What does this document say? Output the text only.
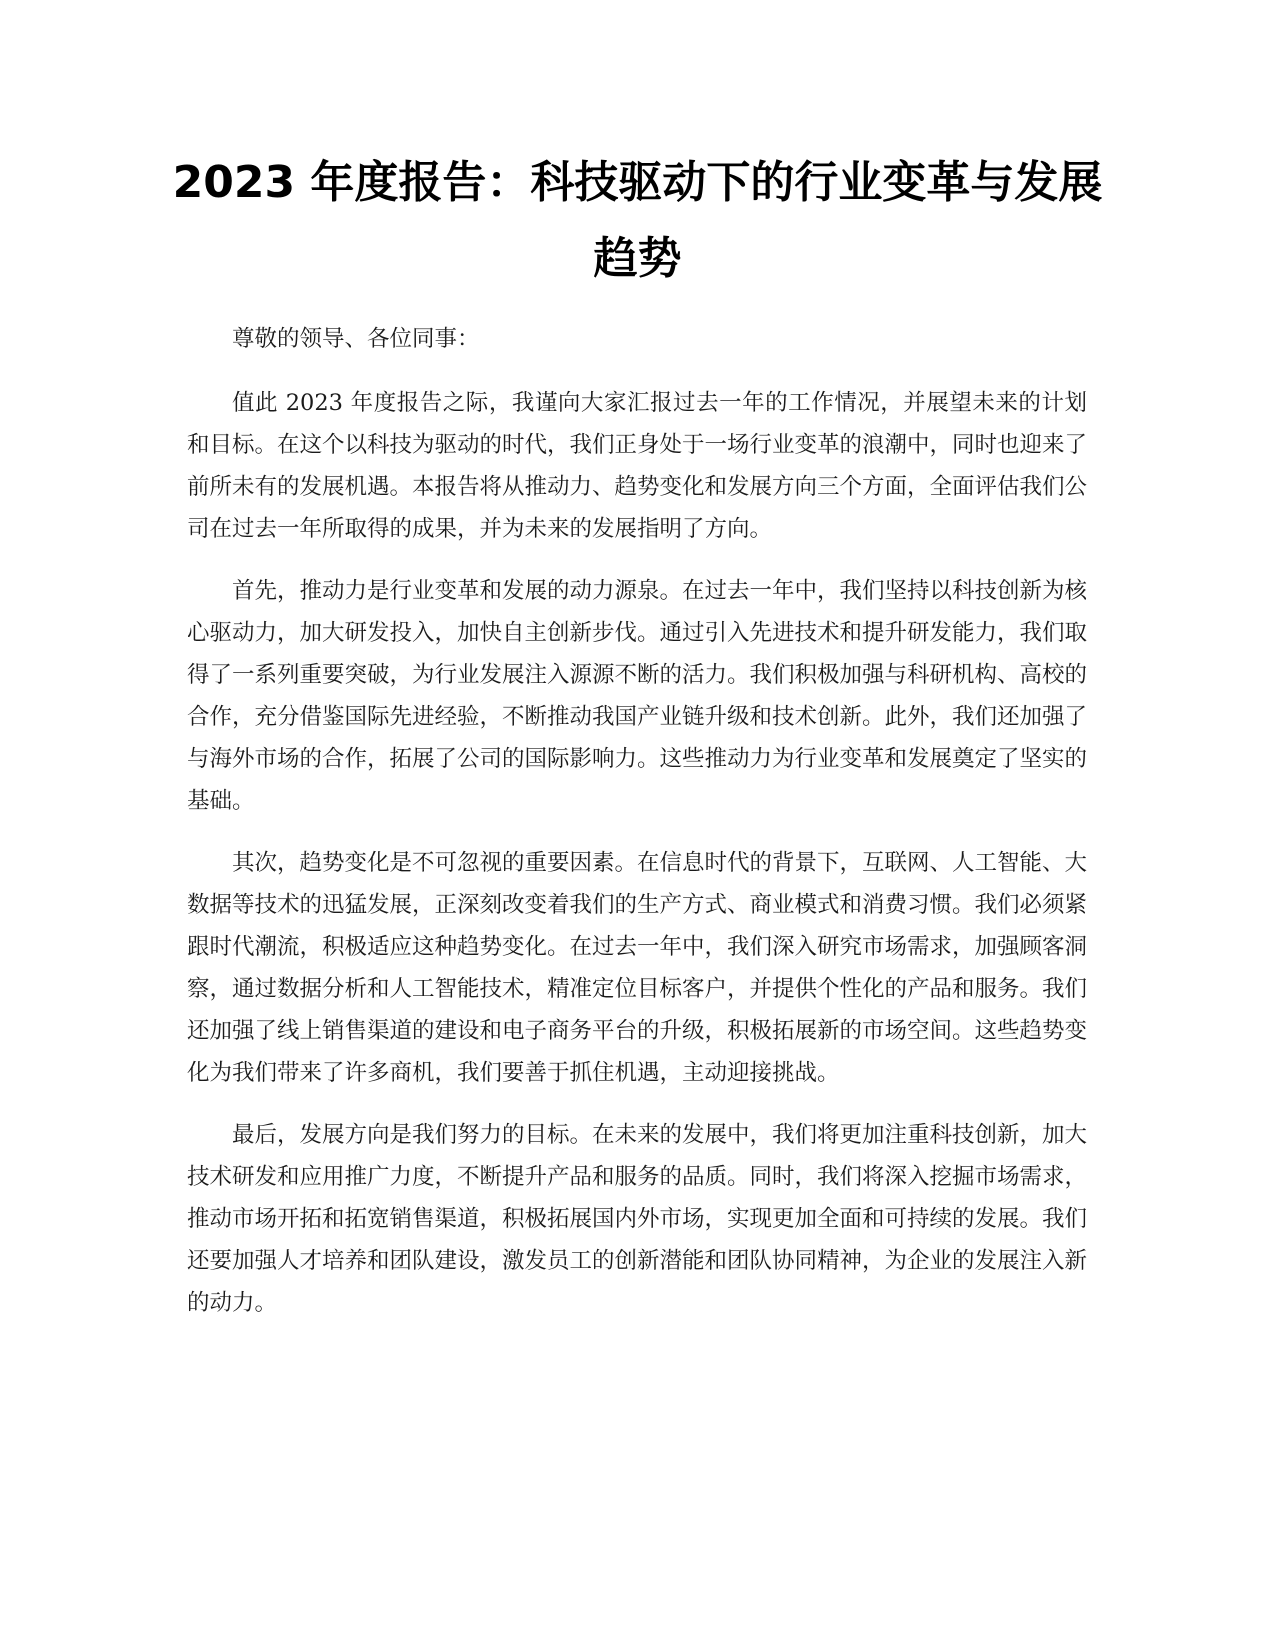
2023 年度报告：科技驱动下的行业变革与发展趋势

尊敬的领导、各位同事：

值此 2023 年度报告之际，我谨向大家汇报过去一年的工作情况，并展望未来的计划和目标。在这个以科技为驱动的时代，我们正身处于一场行业变革的浪潮中，同时也迎来了前所未有的发展机遇。本报告将从推动力、趋势变化和发展方向三个方面，全面评估我们公司在过去一年所取得的成果，并为未来的发展指明了方向。

首先，推动力是行业变革和发展的动力源泉。在过去一年中，我们坚持以科技创新为核心驱动力，加大研发投入，加快自主创新步伐。通过引入先进技术和提升研发能力，我们取得了一系列重要突破，为行业发展注入源源不断的活力。我们积极加强与科研机构、高校的合作，充分借鉴国际先进经验，不断推动我国产业链升级和技术创新。此外，我们还加强了与海外市场的合作，拓展了公司的国际影响力。这些推动力为行业变革和发展奠定了坚实的基础。

其次，趋势变化是不可忽视的重要因素。在信息时代的背景下，互联网、人工智能、大数据等技术的迅猛发展，正深刻改变着我们的生产方式、商业模式和消费习惯。我们必须紧跟时代潮流，积极适应这种趋势变化。在过去一年中，我们深入研究市场需求，加强顾客洞察，通过数据分析和人工智能技术，精准定位目标客户，并提供个性化的产品和服务。我们还加强了线上销售渠道的建设和电子商务平台的升级，积极拓展新的市场空间。这些趋势变化为我们带来了许多商机，我们要善于抓住机遇，主动迎接挑战。

最后，发展方向是我们努力的目标。在未来的发展中，我们将更加注重科技创新，加大技术研发和应用推广力度，不断提升产品和服务的品质。同时，我们将深入挖掘市场需求，推动市场开拓和拓宽销售渠道，积极拓展国内外市场，实现更加全面和可持续的发展。我们还要加强人才培养和团队建设，激发员工的创新潜能和团队协同精神，为企业的发展注入新的动力。
